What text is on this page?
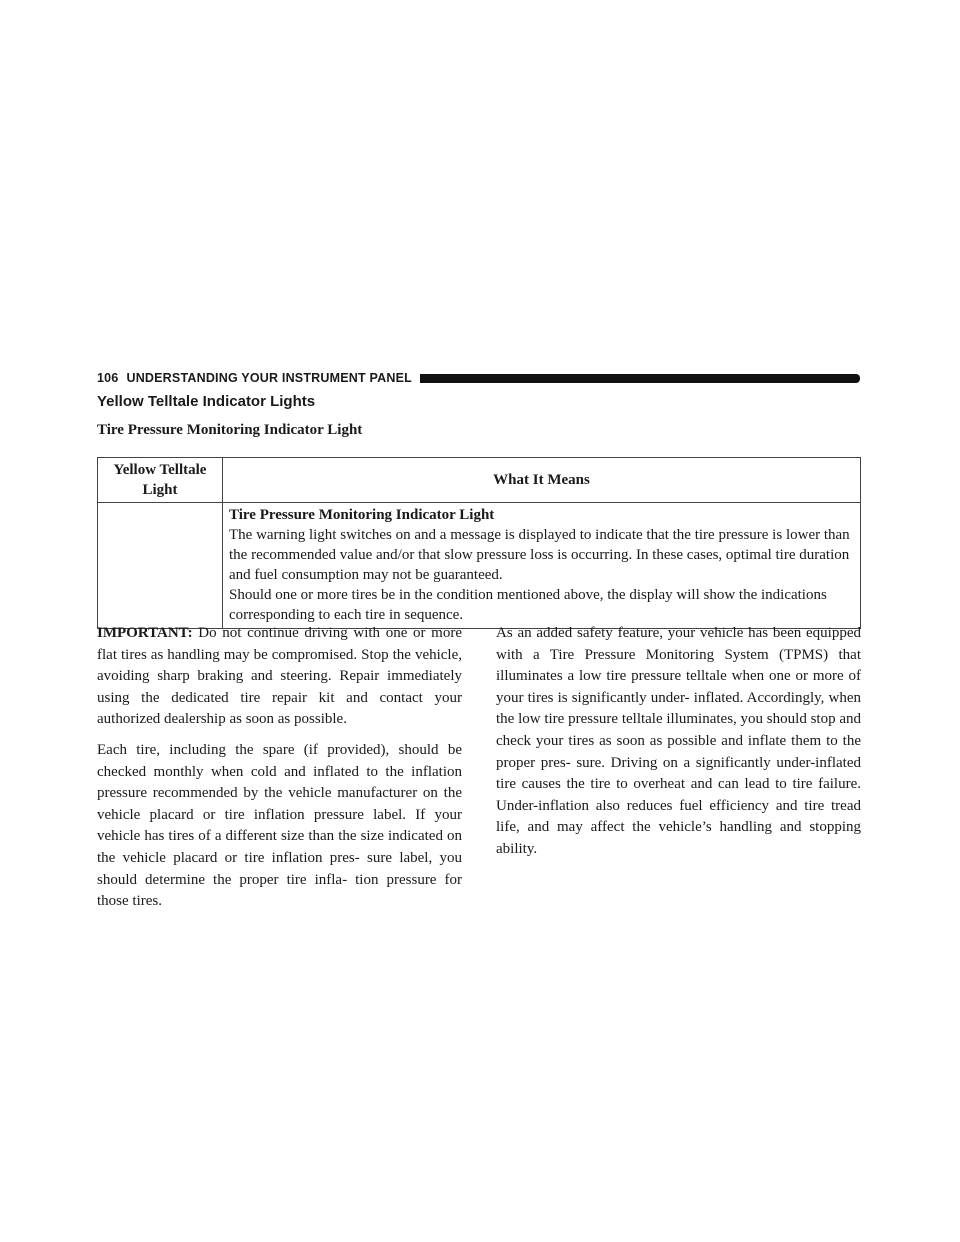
106 UNDERSTANDING YOUR INSTRUMENT PANEL
Yellow Telltale Indicator Lights
Tire Pressure Monitoring Indicator Light
Yellow Telltale Light	What It Means

	Tire Pressure Monitoring Indicator Light
The warning light switches on and a message is displayed to indicate that the tire pressure is lower than the recommended value and/or that slow pressure loss is occurring. In these cases, optimal tire duration and fuel consumption may not be guaranteed.
Should one or more tires be in the condition mentioned above, the display will show the indications corresponding to each tire in sequence.

IMPORTANT: Do not continue driving with one or more flat tires as handling may be compromised. Stop the vehicle, avoiding sharp braking and steering. Repair immediately using the dedicated tire repair kit and contact your authorized dealership as soon as possible.

Each tire, including the spare (if provided), should be checked monthly when cold and inflated to the inflation pressure recommended by the vehicle manufacturer on the vehicle placard or tire inflation pressure label. If your vehicle has tires of a different size than the size indicated on the vehicle placard or tire inflation pres- sure label, you should determine the proper tire infla- tion pressure for those tires.

As an added safety feature, your vehicle has been equipped with a Tire Pressure Monitoring System (TPMS) that illuminates a low tire pressure telltale when one or more of your tires is significantly under- inflated. Accordingly, when the low tire pressure telltale illuminates, you should stop and check your tires as soon as possible and inflate them to the proper pres- sure. Driving on a significantly under-inflated tire causes the tire to overheat and can lead to tire failure. Under-inflation also reduces fuel efficiency and tire tread life, and may affect the vehicle’s handling and stopping ability.
